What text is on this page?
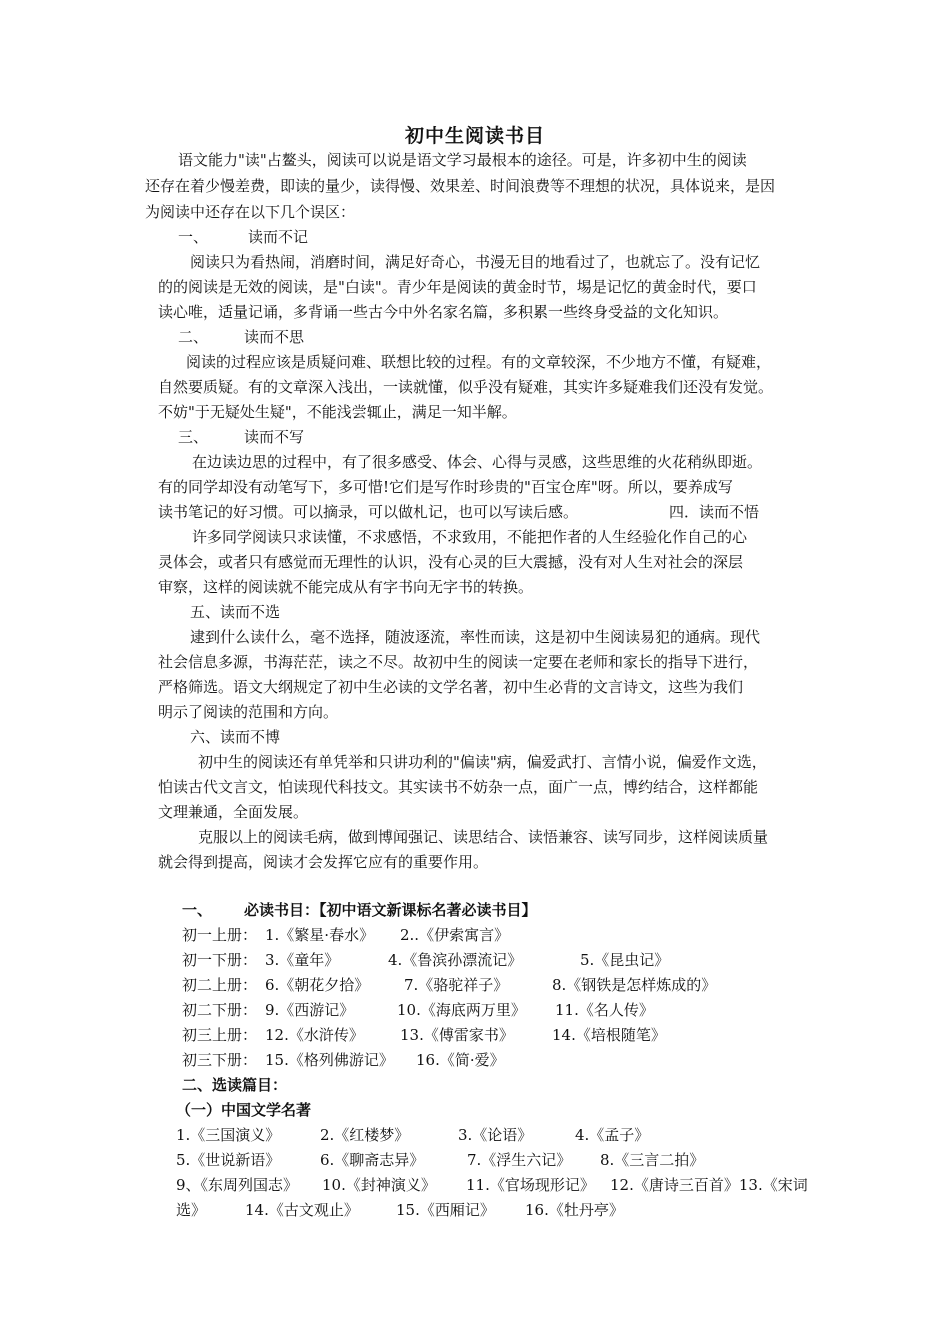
初中生阅读书目
语文能力"读"占鳌头，阅读可以说是语文学习最根本的途径。可是，许多初中生的阅读
还存在着少慢差费，即读的量少，读得慢、效果差、时间浪费等不理想的状况，具体说来，是因
为阅读中还存在以下几个误区：
一、	读而不记
阅读只为看热闹，消磨时间，满足好奇心，书漫无目的地看过了，也就忘了。没有记忆
的的阅读是无效的阅读，是"白读"。青少年是阅读的黄金时节，埸是记忆的黄金时代，要口
读心唯，适量记诵，多背诵一些古今中外名家名篇，多积累一些终身受益的文化知识。
二、 读而不思
阅读的过程应该是质疑问难、联想比较的过程。有的文章较深，不少地方不懂，有疑难，
自然要质疑。有的文章深入浅出，一读就懂，似乎没有疑难，其实许多疑难我们还没有发觉。
不妨"于无疑处生疑"，不能浅尝辄止，满足一知半解。
三、 读而不写
在边读边思的过程中，有了很多感受、体会、心得与灵感，这些思维的火花稍纵即逝。
有的同学却没有动笔写下，多可惜!它们是写作时珍贵的"百宝仓库"呀。所以，要养成写
读书笔记的好习惯。可以摘录，可以做札记，也可以写读后感。	四．读而不悟
许多同学阅读只求读懂，不求感悟，不求致用，不能把作者的人生经验化作自己的心
灵体会，或者只有感觉而无理性的认识，没有心灵的巨大震撼，没有对人生对社会的深层
审察，这样的阅读就不能完成从有字书向无字书的转换。
五、读而不选
逮到什么读什么，毫不选择，随波逐流，率性而读，这是初中生阅读易犯的通病。现代
社会信息多源，书海茫茫，读之不尽。故初中生的阅读一定要在老师和家长的指导下进行，
严格筛选。语文大纲规定了初中生必读的文学名著，初中生必背的文言诗文，这些为我们
明示了阅读的范围和方向。
六、读而不博
初中生的阅读还有单凭举和只讲功利的"偏读"病，偏爱武打、言情小说，偏爱作文选，
怕读古代文言文，怕读现代科技文。其实读书不妨杂一点，面广一点，博约结合，这样都能
文理兼通，全面发展。
克服以上的阅读毛病，做到博闻强记、读思结合、读悟兼容、读写同步，这样阅读质量
就会得到提高，阅读才会发挥它应有的重要作用。
一、 必读书目：【初中语文新课标名著必读书目】
初一上册： 1.《繁星·春水》 2..《伊索寓言》
初一下册： 3.《童年》	4.《鲁滨孙漂流记》	5.《昆虫记》
初二上册： 6.《朝花夕拾》 7.《骆驼祥子》	8.《钢铁是怎样炼成的》
初二下册： 9.《西游记》	10.《海底两万里》 11.《名人传》
初三上册： 12.《水浒传》 13.《傅雷家书》	14.《培根随笔》
初三下册： 15.《格列佛游记》 16.《简·爱》
二、选读篇目：
（一）中国文学名著
1.《三国演义》	2.《红楼梦》	3.《论语》	4.《孟子》
5.《世说新语》	6.《聊斋志异》	7.《浮生六记》 8.《三言二拍》
9、《东周列国志》 10.《封神演义》 11.《官场现形记》 12.《唐诗三百首》13.《宋词
选》	14.《古文观止》 15.《西厢记》 16.《牡丹亭》
